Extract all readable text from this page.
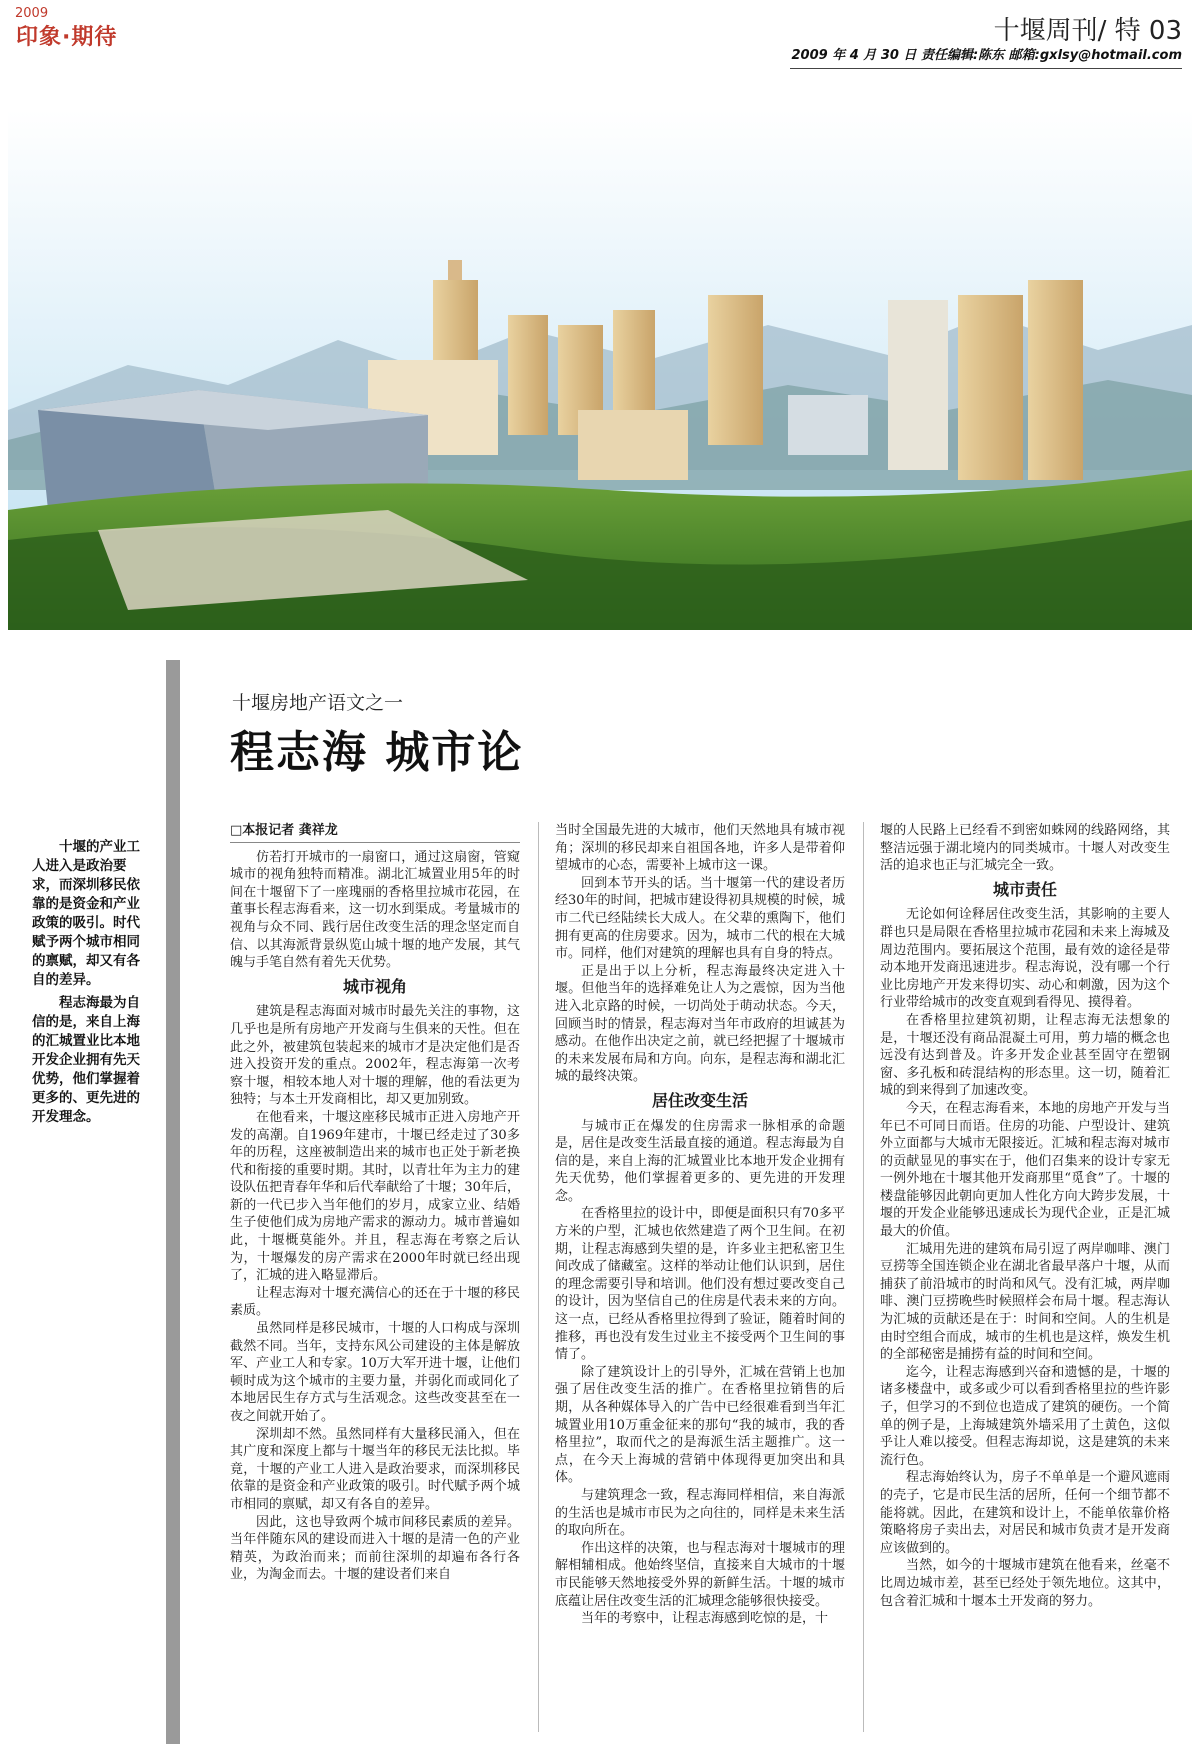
2009
印象·期待	十堰周刊/ 特 03
2009 年 4 月 30 日 责任编辑:陈东 邮箱:gxlsy@hotmail.com
十堰房地产语文之一
程志海 城市论
十堰的产业工人进入是政治要求，而深圳移民依靠的是资金和产业政策的吸引。时代赋予两个城市相同的禀赋，却又有各自的差异。
程志海最为自信的是，来自上海的汇城置业比本地开发企业拥有先天优势，他们掌握着更多的、更先进的开发理念。
□本报记者 龚祥龙

仿若打开城市的一扇窗口，通过这扇窗，管窥城市的视角独特而精准。湖北汇城置业用5年的时间在十堰留下了一座瑰丽的香格里拉城市花园，在董事长程志海看来，这一切水到渠成。考量城市的视角与众不同、践行居住改变生活的理念坚定而自信、以其海派背景纵览山城十堰的地产发展，其气魄与手笔自然有着先天优势。

城市视角

建筑是程志海面对城市时最先关注的事物，这几乎也是所有房地产开发商与生俱来的天性。但在此之外，被建筑包装起来的城市才是决定他们是否进入投资开发的重点。2002年，程志海第一次考察十堰，相较本地人对十堰的理解，他的看法更为独特；与本土开发商相比，却又更加别致。

在他看来，十堰这座移民城市正进入房地产开发的高潮。自1969年建市，十堰已经走过了30多年的历程，这座被制造出来的城市也正处于新老换代和衔接的重要时期。其时，以青壮年为主力的建设队伍把青春年华和后代奉献给了十堰；30年后，新的一代已步入当年他们的岁月，成家立业、结婚生子使他们成为房地产需求的源动力。城市普遍如此，十堰概莫能外。并且，程志海在考察之后认为，十堰爆发的房产需求在2000年时就已经出现了，汇城的进入略显滞后。

让程志海对十堰充满信心的还在于十堰的移民素质。

虽然同样是移民城市，十堰的人口构成与深圳截然不同。当年，支持东风公司建设的主体是解放军、产业工人和专家。10万大军开进十堰，让他们顿时成为这个城市的主要力量，并弱化而或同化了本地居民生存方式与生活观念。这些改变甚至在一夜之间就开始了。

深圳却不然。虽然同样有大量移民涌入，但在其广度和深度上都与十堰当年的移民无法比拟。毕竟，十堰的产业工人进入是政治要求，而深圳移民依靠的是资金和产业政策的吸引。时代赋予两个城市相同的禀赋，却又有各自的差异。

因此，这也导致两个城市间移民素质的差异。当年伴随东风的建设而进入十堰的是清一色的产业精英，为政治而来；而前往深圳的却遍布各行各业，为淘金而去。十堰的建设者们来自

当时全国最先进的大城市，他们天然地具有城市视角；深圳的移民却来自祖国各地，许多人是带着仰望城市的心态，需要补上城市这一课。

回到本节开头的话。当十堰第一代的建设者历经30年的时间，把城市建设得初具规模的时候，城市二代已经陆续长大成人。在父辈的熏陶下，他们拥有更高的住房要求。因为，城市二代的根在大城市。同样，他们对建筑的理解也具有自身的特点。

正是出于以上分析，程志海最终决定进入十堰。但他当年的选择难免让人为之震惊，因为当他进入北京路的时候，一切尚处于萌动状态。今天，回顾当时的情景，程志海对当年市政府的坦诚甚为感动。在他作出决定之前，就已经把握了十堰城市的未来发展布局和方向。向东，是程志海和湖北汇城的最终决策。

居住改变生活

与城市正在爆发的住房需求一脉相承的命题是，居住是改变生活最直接的通道。程志海最为自信的是，来自上海的汇城置业比本地开发企业拥有先天优势，他们掌握着更多的、更先进的开发理念。

在香格里拉的设计中，即便是面积只有70多平方米的户型，汇城也依然建造了两个卫生间。在初期，让程志海感到失望的是，许多业主把私密卫生间改成了储藏室。这样的举动让他们认识到，居住的理念需要引导和培训。他们没有想过要改变自己的设计，因为坚信自己的住房是代表未来的方向。这一点，已经从香格里拉得到了验证，随着时间的推移，再也没有发生过业主不接受两个卫生间的事情了。

除了建筑设计上的引导外，汇城在营销上也加强了居住改变生活的推广。在香格里拉销售的后期，从各种媒体导入的广告中已经很难看到当年汇城置业用10万重金征来的那句“我的城市，我的香格里拉”，取而代之的是海派生活主题推广。这一点，在今天上海城的营销中体现得更加突出和具体。

与建筑理念一致，程志海同样相信，来自海派的生活也是城市市民为之向往的，同样是未来生活的取向所在。

作出这样的决策，也与程志海对十堰城市的理解相辅相成。他始终坚信，直接来自大城市的十堰市民能够天然地接受外界的新鲜生活。十堰的城市底蕴让居住改变生活的汇城理念能够很快接受。

当年的考察中，让程志海感到吃惊的是，十

堰的人民路上已经看不到密如蛛网的线路网络，其整洁远强于湖北境内的同类城市。十堰人对改变生活的追求也正与汇城完全一致。

城市责任

无论如何诠释居住改变生活，其影响的主要人群也只是局限在香格里拉城市花园和未来上海城及周边范围内。要拓展这个范围，最有效的途径是带动本地开发商迅速进步。程志海说，没有哪一个行业比房地产开发来得切实、动心和刺激，因为这个行业带给城市的改变直观到看得见、摸得着。

在香格里拉建筑初期，让程志海无法想象的是，十堰还没有商品混凝土可用，剪力墙的概念也远没有达到普及。许多开发企业甚至固守在塑钢窗、多孔板和砖混结构的形态里。这一切，随着汇城的到来得到了加速改变。

今天，在程志海看来，本地的房地产开发与当年已不可同日而语。住房的功能、户型设计、建筑外立面都与大城市无限接近。汇城和程志海对城市的贡献显见的事实在于，他们召集来的设计专家无一例外地在十堰其他开发商那里“觅食”了。十堰的楼盘能够因此朝向更加人性化方向大跨步发展，十堰的开发企业能够迅速成长为现代企业，正是汇城最大的价值。

汇城用先进的建筑布局引逗了两岸咖啡、澳门豆捞等全国连锁企业在湖北省最早落户十堰，从而捕获了前沿城市的时尚和风气。没有汇城，两岸咖啡、澳门豆捞晚些时候照样会布局十堰。程志海认为汇城的贡献还是在于：时间和空间。人的生机是由时空组合而成，城市的生机也是这样，焕发生机的全部秘密是捕捞有益的时间和空间。

迄今，让程志海感到兴奋和遗憾的是，十堰的诸多楼盘中，或多或少可以看到香格里拉的些许影子，但学习的不到位也造成了建筑的硬伤。一个简单的例子是，上海城建筑外墙采用了土黄色，这似乎让人难以接受。但程志海却说，这是建筑的未来流行色。

程志海始终认为，房子不单单是一个避风遮雨的壳子，它是市民生活的居所，任何一个细节都不能将就。因此，在建筑和设计上，不能单依靠价格策略将房子卖出去，对居民和城市负责才是开发商应该做到的。

当然，如今的十堰城市建筑在他看来，丝毫不比周边城市差，甚至已经处于领先地位。这其中，包含着汇城和十堰本土开发商的努力。
